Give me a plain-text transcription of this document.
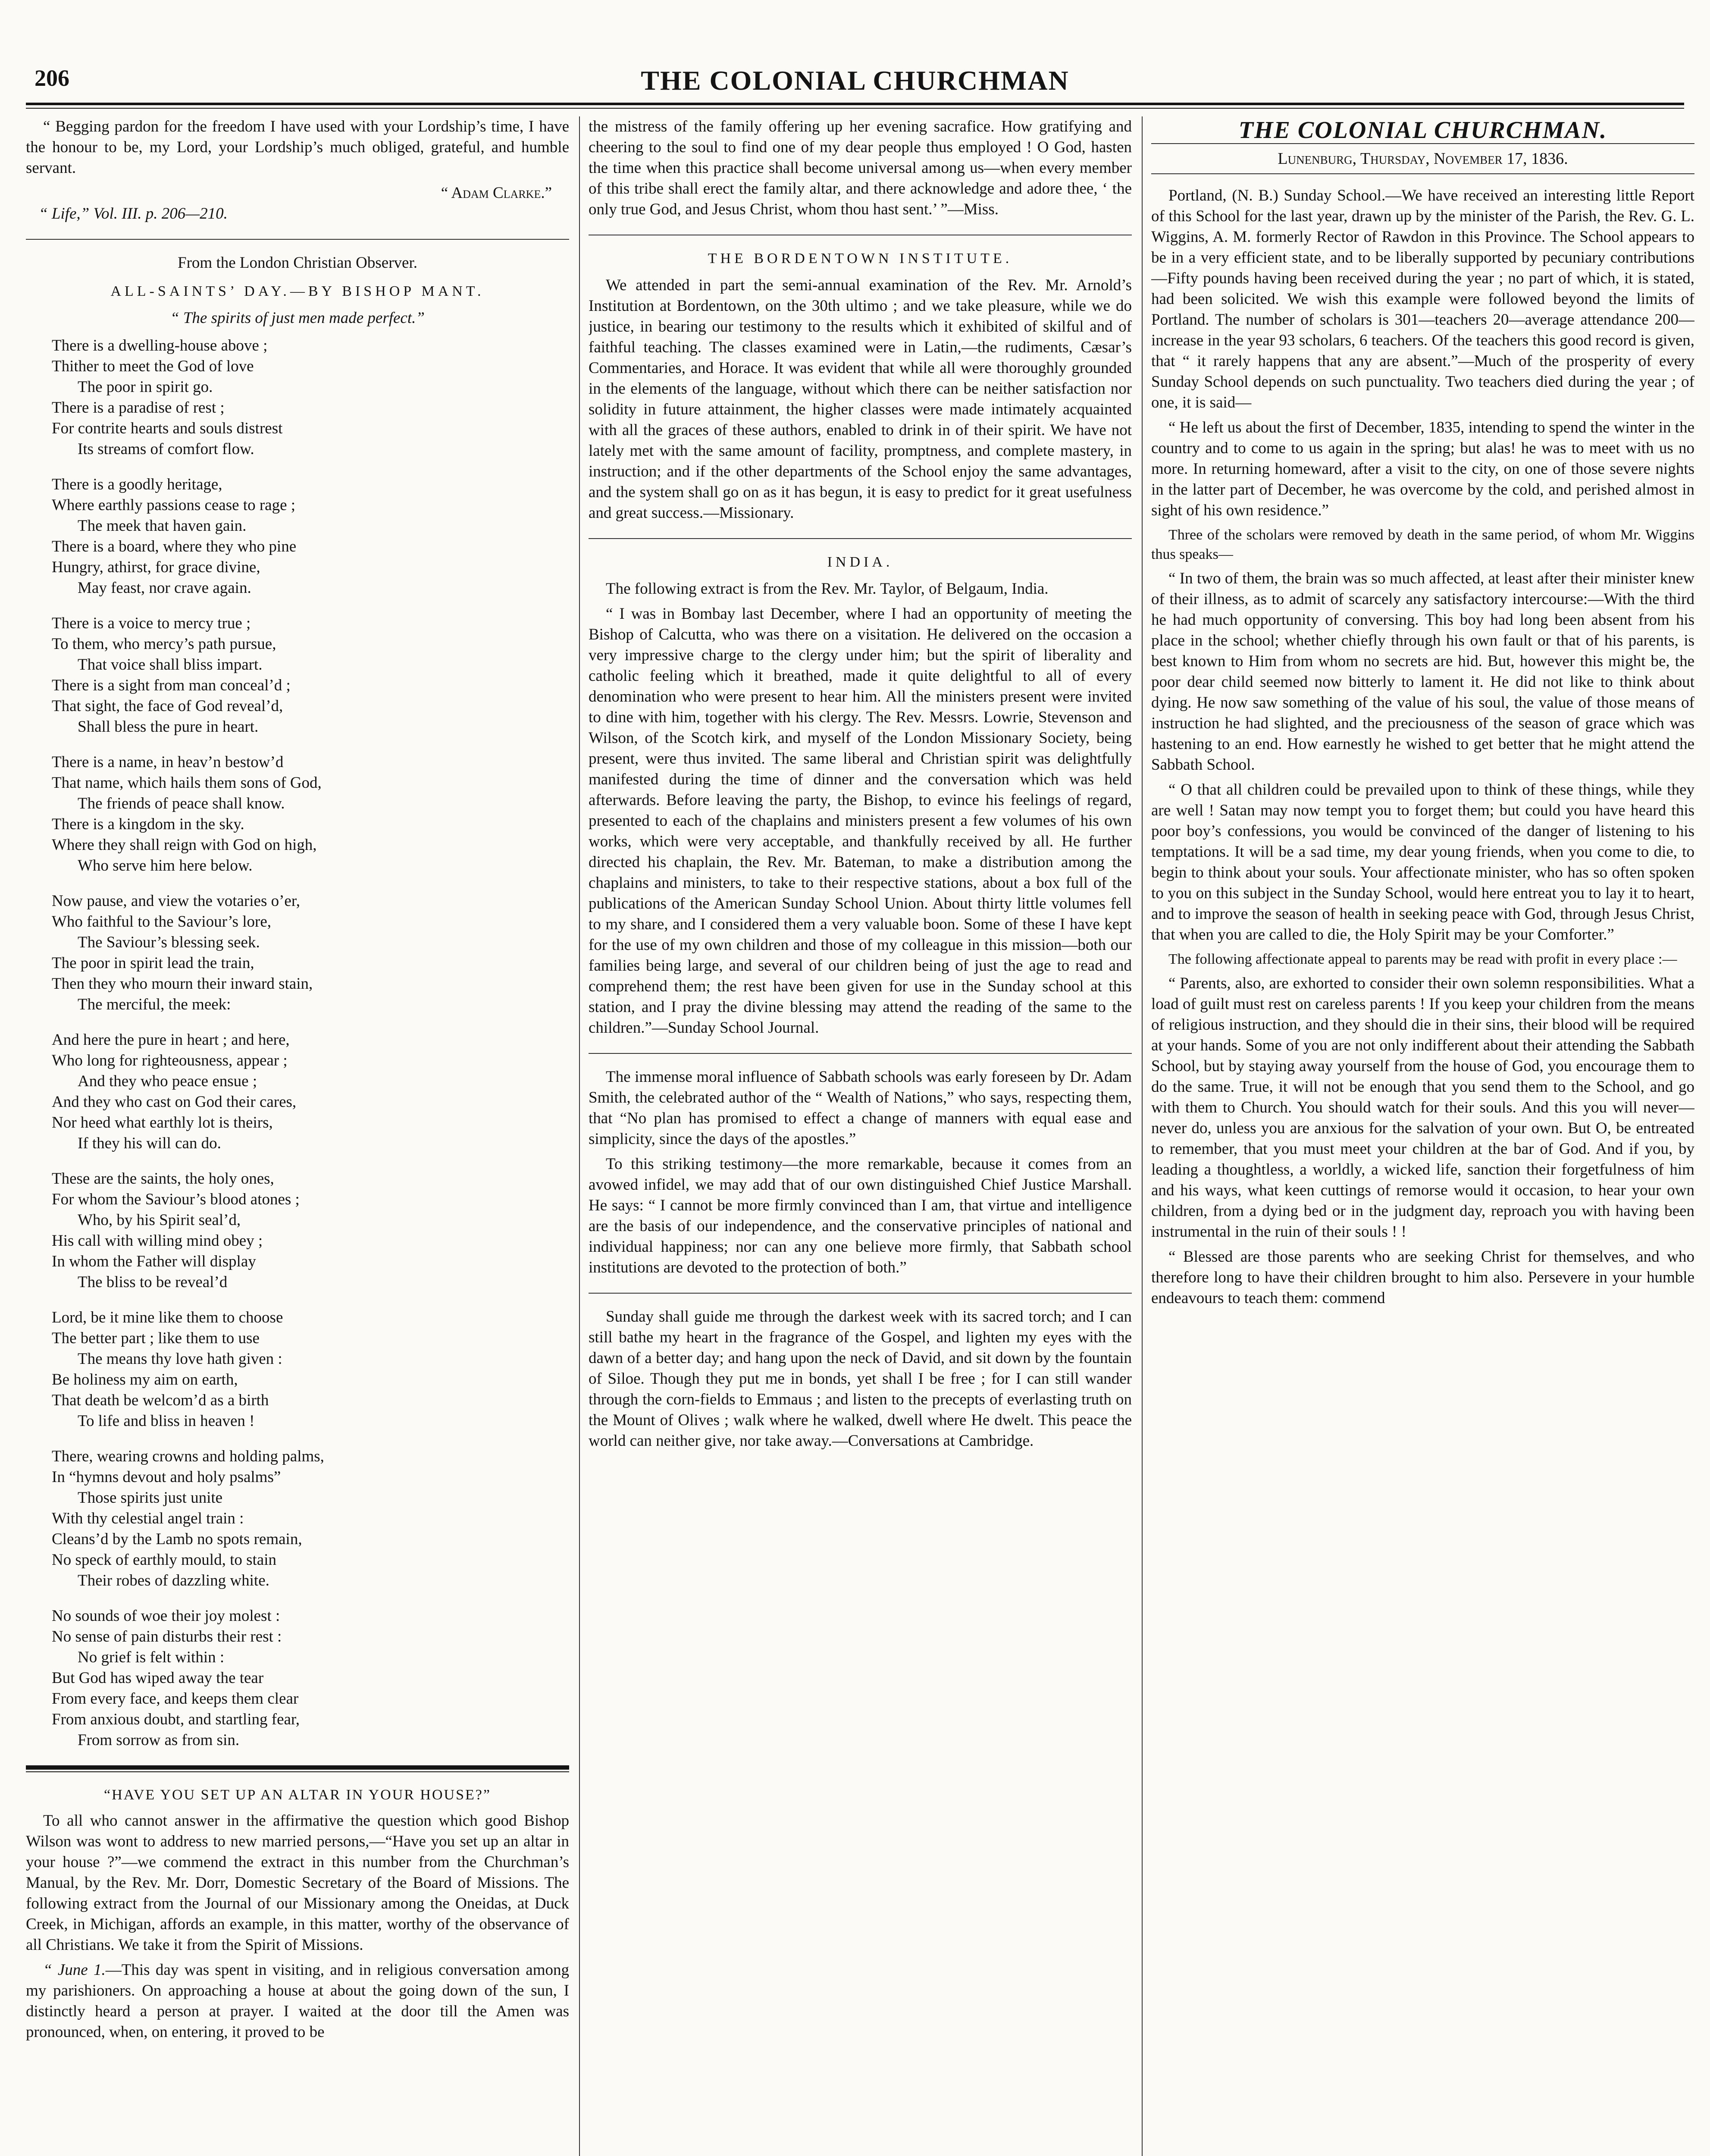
206	THE COLONIAL CHURCHMAN

“ Begging pardon for the freedom I have used with your Lordship’s time, I have the honour to be, my Lord, your Lordship’s much obliged, grateful, and humble servant.

“ Adam Clarke.”

“ Life,” Vol. III. p. 206—210.

From the London Christian Observer.

ALL-SAINTS’ DAY.—BY BISHOP MANT.

“ The spirits of just men made perfect.”

There is a dwelling-house above ;
Thither to meet the God of love
The poor in spirit go.
There is a paradise of rest ;
For contrite hearts and souls distrest
Its streams of comfort flow.
There is a goodly heritage,
Where earthly passions cease to rage ;
The meek that haven gain.
There is a board, where they who pine
Hungry, athirst, for grace divine,
May feast, nor crave again.
There is a voice to mercy true ;
To them, who mercy’s path pursue,
That voice shall bliss impart.
There is a sight from man conceal’d ;
That sight, the face of God reveal’d,
Shall bless the pure in heart.
There is a name, in heav’n bestow’d
That name, which hails them sons of God,
The friends of peace shall know.
There is a kingdom in the sky.
Where they shall reign with God on high,
Who serve him here below.
Now pause, and view the votaries o’er,
Who faithful to the Saviour’s lore,
The Saviour’s blessing seek.
The poor in spirit lead the train,
Then they who mourn their inward stain,
The merciful, the meek:
And here the pure in heart ; and here,
Who long for righteousness, appear ;
And they who peace ensue ;
And they who cast on God their cares,
Nor heed what earthly lot is theirs,
If they his will can do.
These are the saints, the holy ones,
For whom the Saviour’s blood atones ;
Who, by his Spirit seal’d,
His call with willing mind obey ;
In whom the Father will display
The bliss to be reveal’d
Lord, be it mine like them to choose
The better part ; like them to use
The means thy love hath given :
Be holiness my aim on earth,
That death be welcom’d as a birth
To life and bliss in heaven !
There, wearing crowns and holding palms,
In “hymns devout and holy psalms”
Those spirits just unite
With thy celestial angel train :
Cleans’d by the Lamb no spots remain,
No speck of earthly mould, to stain
Their robes of dazzling white.
No sounds of woe their joy molest :
No sense of pain disturbs their rest :
No grief is felt within :
But God has wiped away the tear
From every face, and keeps them clear
From anxious doubt, and startling fear,
From sorrow as from sin.

“HAVE YOU SET UP AN ALTAR IN YOUR HOUSE?”

To all who cannot answer in the affirmative the question which good Bishop Wilson was wont to address to new married persons,—“Have you set up an altar in your house ?”—we commend the extract in this number from the Churchman’s Manual, by the Rev. Mr. Dorr, Domestic Secretary of the Board of Missions. The following extract from the Journal of our Missionary among the Oneidas, at Duck Creek, in Michigan, affords an example, in this matter, worthy of the observance of all Christians. We take it from the Spirit of Missions.

“ June 1.—This day was spent in visiting, and in religious conversation among my parishioners. On approaching a house at about the going down of the sun, I distinctly heard a person at prayer. I waited at the door till the Amen was pronounced, when, on entering, it proved to be

the mistress of the family offering up her evening sacrafice. How gratifying and cheering to the soul to find one of my dear people thus employed ! O God, hasten the time when this practice shall become universal among us—when every member of this tribe shall erect the family altar, and there acknowledge and adore thee, ‘ the only true God, and Jesus Christ, whom thou hast sent.’ ”—Miss.

THE BORDENTOWN INSTITUTE.

We attended in part the semi-annual examination of the Rev. Mr. Arnold’s Institution at Bordentown, on the 30th ultimo ; and we take pleasure, while we do justice, in bearing our testimony to the results which it exhibited of skilful and of faithful teaching. The classes examined were in Latin,—the rudiments, Cæsar’s Commentaries, and Horace. It was evident that while all were thoroughly grounded in the elements of the language, without which there can be neither satisfaction nor solidity in future attainment, the higher classes were made intimately acquainted with all the graces of these authors, enabled to drink in of their spirit. We have not lately met with the same amount of facility, promptness, and complete mastery, in instruction; and if the other departments of the School enjoy the same advantages, and the system shall go on as it has begun, it is easy to predict for it great usefulness and great success.—Missionary.

INDIA.

The following extract is from the Rev. Mr. Taylor, of Belgaum, India.

“ I was in Bombay last December, where I had an opportunity of meeting the Bishop of Calcutta, who was there on a visitation. He delivered on the occasion a very impressive charge to the clergy under him; but the spirit of liberality and catholic feeling which it breathed, made it quite delightful to all of every denomination who were present to hear him. All the ministers present were invited to dine with him, together with his clergy. The Rev. Messrs. Lowrie, Stevenson and Wilson, of the Scotch kirk, and myself of the London Missionary Society, being present, were thus invited. The same liberal and Christian spirit was delightfully manifested during the time of dinner and the conversation which was held afterwards. Before leaving the party, the Bishop, to evince his feelings of regard, presented to each of the chaplains and ministers present a few volumes of his own works, which were very acceptable, and thankfully received by all. He further directed his chaplain, the Rev. Mr. Bateman, to make a distribution among the chaplains and ministers, to take to their respective stations, about a box full of the publications of the American Sunday School Union. About thirty little volumes fell to my share, and I considered them a very valuable boon. Some of these I have kept for the use of my own children and those of my colleague in this mission—both our families being large, and several of our children being of just the age to read and comprehend them; the rest have been given for use in the Sunday school at this station, and I pray the divine blessing may attend the reading of the same to the children.”—Sunday School Journal.

The immense moral influence of Sabbath schools was early foreseen by Dr. Adam Smith, the celebrated author of the “ Wealth of Nations,” who says, respecting them, that “No plan has promised to effect a change of manners with equal ease and simplicity, since the days of the apostles.”

To this striking testimony—the more remarkable, because it comes from an avowed infidel, we may add that of our own distinguished Chief Justice Marshall. He says: “ I cannot be more firmly convinced than I am, that virtue and intelligence are the basis of our independence, and the conservative principles of national and individual happiness; nor can any one believe more firmly, that Sabbath school institutions are devoted to the protection of both.”

Sunday shall guide me through the darkest week with its sacred torch; and I can still bathe my heart in the fragrance of the Gospel, and lighten my eyes with the dawn of a better day; and hang upon the neck of David, and sit down by the fountain of Siloe. Though they put me in bonds, yet shall I be free ; for I can still wander through the corn-fields to Emmaus ; and listen to the precepts of everlasting truth on the Mount of Olives ; walk where he walked, dwell where He dwelt. This peace the world can neither give, nor take away.—Conversations at Cambridge.

THE COLONIAL CHURCHMAN.

Lunenburg, Thursday, November 17, 1836.

Portland, (N. B.) Sunday School.—We have received an interesting little Report of this School for the last year, drawn up by the minister of the Parish, the Rev. G. L. Wiggins, A. M. formerly Rector of Rawdon in this Province. The School appears to be in a very efficient state, and to be liberally supported by pecuniary contributions—Fifty pounds having been received during the year ; no part of which, it is stated, had been solicited. We wish this example were followed beyond the limits of Portland. The number of scholars is 301—teachers 20—average attendance 200—increase in the year 93 scholars, 6 teachers. Of the teachers this good record is given, that “ it rarely happens that any are absent.”—Much of the prosperity of every Sunday School depends on such punctuality. Two teachers died during the year ; of one, it is said—

“ He left us about the first of December, 1835, intending to spend the winter in the country and to come to us again in the spring; but alas! he was to meet with us no more. In returning homeward, after a visit to the city, on one of those severe nights in the latter part of December, he was overcome by the cold, and perished almost in sight of his own residence.”

Three of the scholars were removed by death in the same period, of whom Mr. Wiggins thus speaks—

“ In two of them, the brain was so much affected, at least after their minister knew of their illness, as to admit of scarcely any satisfactory intercourse:—With the third he had much opportunity of conversing. This boy had long been absent from his place in the school; whether chiefly through his own fault or that of his parents, is best known to Him from whom no secrets are hid. But, however this might be, the poor dear child seemed now bitterly to lament it. He did not like to think about dying. He now saw something of the value of his soul, the value of those means of instruction he had slighted, and the preciousness of the season of grace which was hastening to an end. How earnestly he wished to get better that he might attend the Sabbath School.

“ O that all children could be prevailed upon to think of these things, while they are well ! Satan may now tempt you to forget them; but could you have heard this poor boy’s confessions, you would be convinced of the danger of listening to his temptations. It will be a sad time, my dear young friends, when you come to die, to begin to think about your souls. Your affectionate minister, who has so often spoken to you on this subject in the Sunday School, would here entreat you to lay it to heart, and to improve the season of health in seeking peace with God, through Jesus Christ, that when you are called to die, the Holy Spirit may be your Comforter.”

The following affectionate appeal to parents may be read with profit in every place :—

“ Parents, also, are exhorted to consider their own solemn responsibilities. What a load of guilt must rest on careless parents ! If you keep your children from the means of religious instruction, and they should die in their sins, their blood will be required at your hands. Some of you are not only indifferent about their attending the Sabbath School, but by staying away yourself from the house of God, you encourage them to do the same. True, it will not be enough that you send them to the School, and go with them to Church. You should watch for their souls. And this you will never—never do, unless you are anxious for the salvation of your own. But O, be entreated to remember, that you must meet your children at the bar of God. And if you, by leading a thoughtless, a worldly, a wicked life, sanction their forgetfulness of him and his ways, what keen cuttings of remorse would it occasion, to hear your own children, from a dying bed or in the judgment day, reproach you with having been instrumental in the ruin of their souls ! !

“ Blessed are those parents who are seeking Christ for themselves, and who therefore long to have their children brought to him also. Persevere in your humble endeavours to teach them: commend
